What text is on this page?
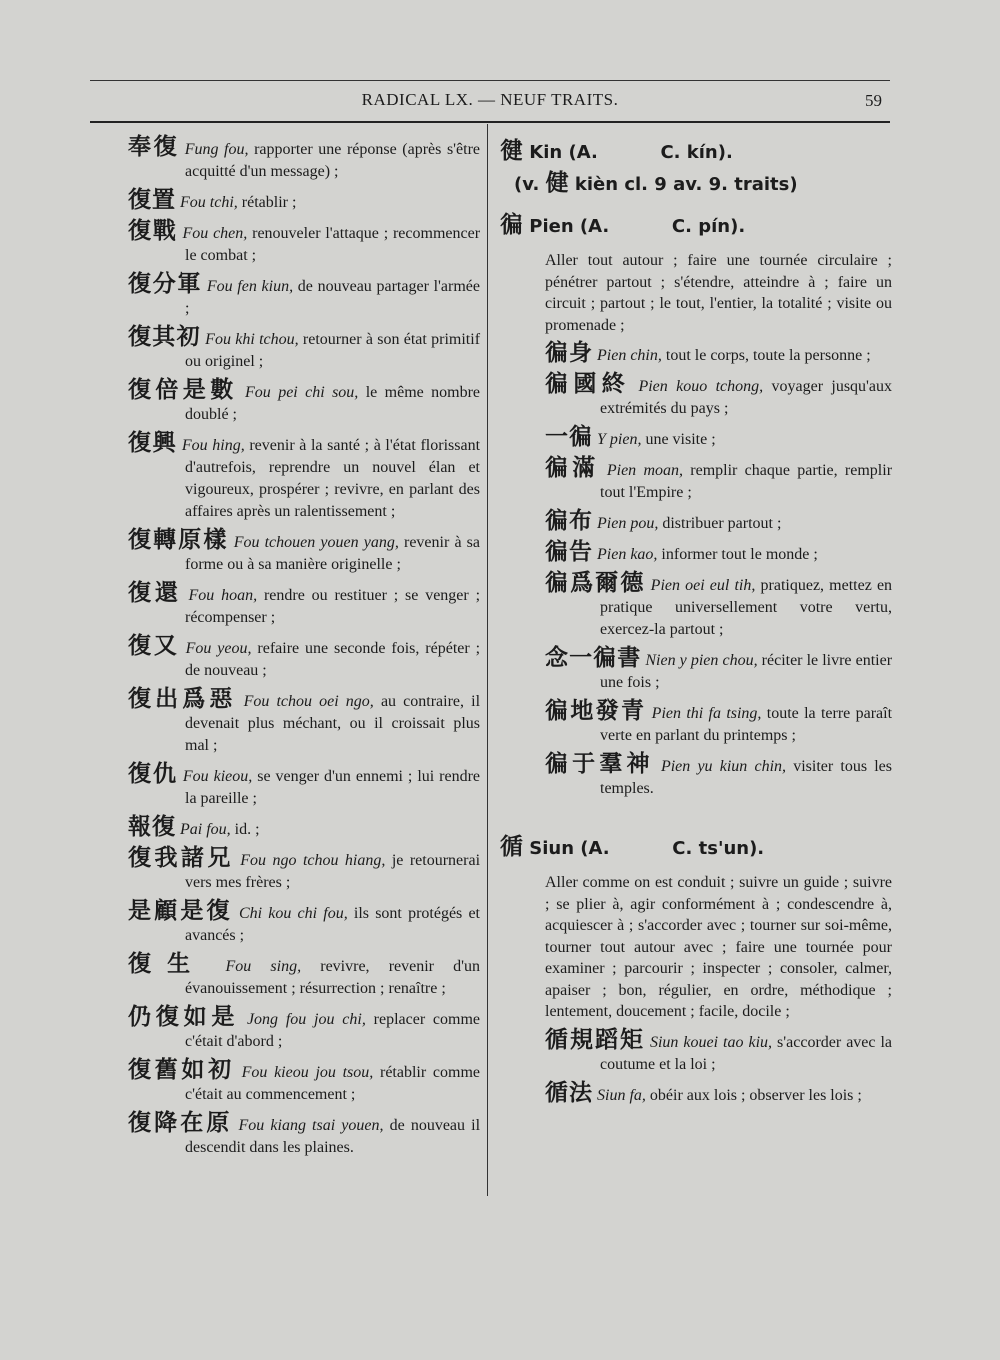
RADICAL LX. — NEUF TRAITS.	59
奉復 Fung fou, rapporter une réponse (après s'être acquitté d'un message) ;
復置 Fou tchi, rétablir ;
復戰 Fou chen, renouveler l'attaque ; recommencer le combat ;
復分軍 Fou fen kiun, de nouveau partager l'armée ;
復其初 Fou khi tchou, retourner à son état primitif ou originel ;
復倍是數 Fou pei chi sou, le même nombre doublé ;
復興 Fou hing, revenir à la santé ; à l'état florissant d'autrefois, reprendre un nouvel élan et vigoureux, prospérer ; revivre, en parlant des affaires après un ralentissement ;
復轉原樣 Fou tchouen youen yang, revenir à sa forme ou à sa manière originelle ;
復還 Fou hoan, rendre ou restituer ; se venger ; récompenser ;
復又 Fou yeou, refaire une seconde fois, répéter ; de nouveau ;
復出爲惡 Fou tchou oei ngo, au contraire, il devenait plus méchant, ou il croissait plus mal ;
復仇 Fou kieou, se venger d'un ennemi ; lui rendre la pareille ;
報復 Pai fou, id. ;
復我諸兄 Fou ngo tchou hiang, je retournerai vers mes frères ;
是顧是復 Chi kou chi fou, ils sont protégés et avancés ;
復生 Fou sing, revivre, revenir d'un évanouissement ; résurrection ; renaître ;
仍復如是 Jong fou jou chi, replacer comme c'était d'abord ;
復舊如初 Fou kieou jou tsou, rétablir comme c'était au commencement ;
復降在原 Fou kiang tsai youen, de nouveau il descendit dans les plaines.
徤 Kin (A.          C. kín).
(v. 健 kièn cl. 9 av. 9. traits)
徧 Pien (A.          C. pín).
Aller tout autour ; faire une tournée circulaire ; pénétrer partout ; s'étendre, atteindre à ; faire un circuit ; partout ; le tout, l'entier, la totalité ; visite ou promenade ;
徧身 Pien chin, tout le corps, toute la personne ;
徧國終 Pien kouo tchong, voyager jusqu'aux extrémités du pays ;
一徧 Y pien, une visite ;
徧滿 Pien moan, remplir chaque partie, remplir tout l'Empire ;
徧布 Pien pou, distribuer partout ;
徧告 Pien kao, informer tout le monde ;
徧爲爾德 Pien oei eul tih, pratiquez, mettez en pratique universellement votre vertu, exercez-la partout ;
念一徧書 Nien y pien chou, réciter le livre entier une fois ;
徧地發青 Pien thi fa tsing, toute la terre paraît verte en parlant du printemps ;
徧于羣神 Pien yu kiun chin, visiter tous les temples.
循 Siun (A.          C. ts'un).
Aller comme on est conduit ; suivre un guide ; suivre ; se plier à, agir conformément à ; condescendre à, acquiescer à ; s'accorder avec ; tourner sur soi-même, tourner tout autour avec ; faire une tournée pour examiner ; parcourir ; inspecter ; consoler, calmer, apaiser ; bon, régulier, en ordre, méthodique ; lentement, doucement ; facile, docile ;
循規蹈矩 Siun kouei tao kiu, s'accorder avec la coutume et la loi ;
循法 Siun fa, obéir aux lois ; observer les lois ;
